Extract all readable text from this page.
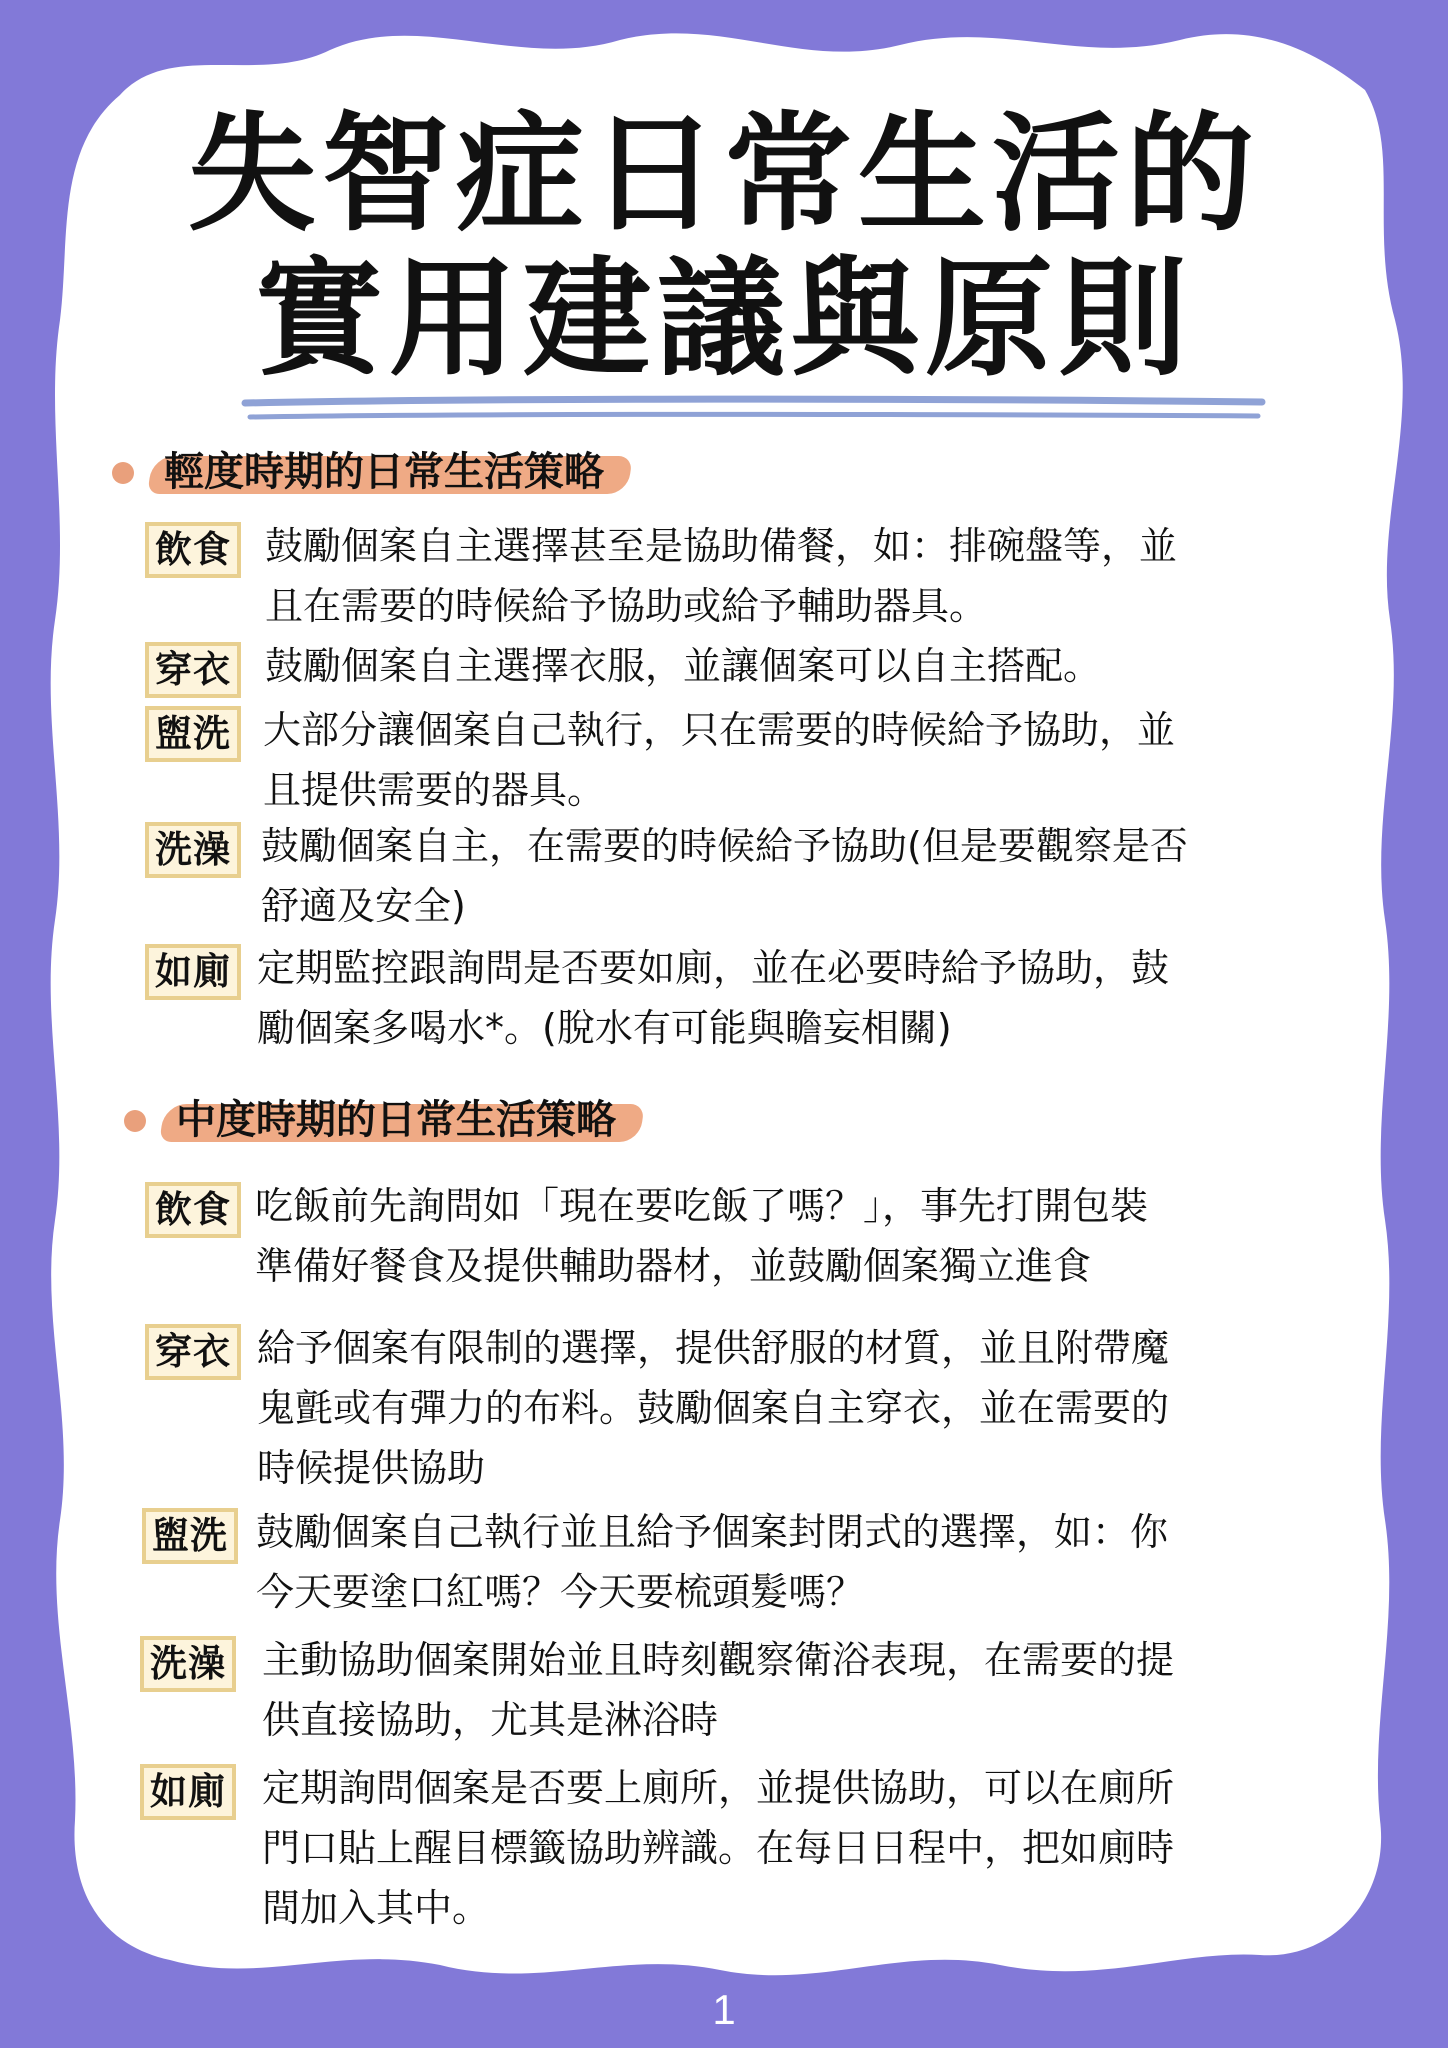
失智症日常生活的
實用建議與原則
輕度時期的日常生活策略
飲食 鼓勵個案自主選擇甚至是協助備餐，如：排碗盤等，並
且在需要的時候給予協助或給予輔助器具。
穿衣 鼓勵個案自主選擇衣服，並讓個案可以自主搭配。
盥洗 大部分讓個案自己執行，只在需要的時候給予協助，並
且提供需要的器具。
洗澡 鼓勵個案自主，在需要的時候給予協助(但是要觀察是否
舒適及安全)
如廁 定期監控跟詢問是否要如廁，並在必要時給予協助，鼓
勵個案多喝水*。(脫水有可能與瞻妄相關)
中度時期的日常生活策略
飲食 吃飯前先詢問如「現在要吃飯了嗎？」，事先打開包裝
準備好餐食及提供輔助器材，並鼓勵個案獨立進食
穿衣 給予個案有限制的選擇，提供舒服的材質，並且附帶魔
鬼氈或有彈力的布料。鼓勵個案自主穿衣，並在需要的
時候提供協助
盥洗 鼓勵個案自己執行並且給予個案封閉式的選擇，如：你
今天要塗口紅嗎？今天要梳頭髮嗎？
洗澡 主動協助個案開始並且時刻觀察衛浴表現，在需要的提
供直接協助，尤其是淋浴時
如廁 定期詢問個案是否要上廁所，並提供協助，可以在廁所
門口貼上醒目標籤協助辨識。在每日日程中，把如廁時
間加入其中。
1
